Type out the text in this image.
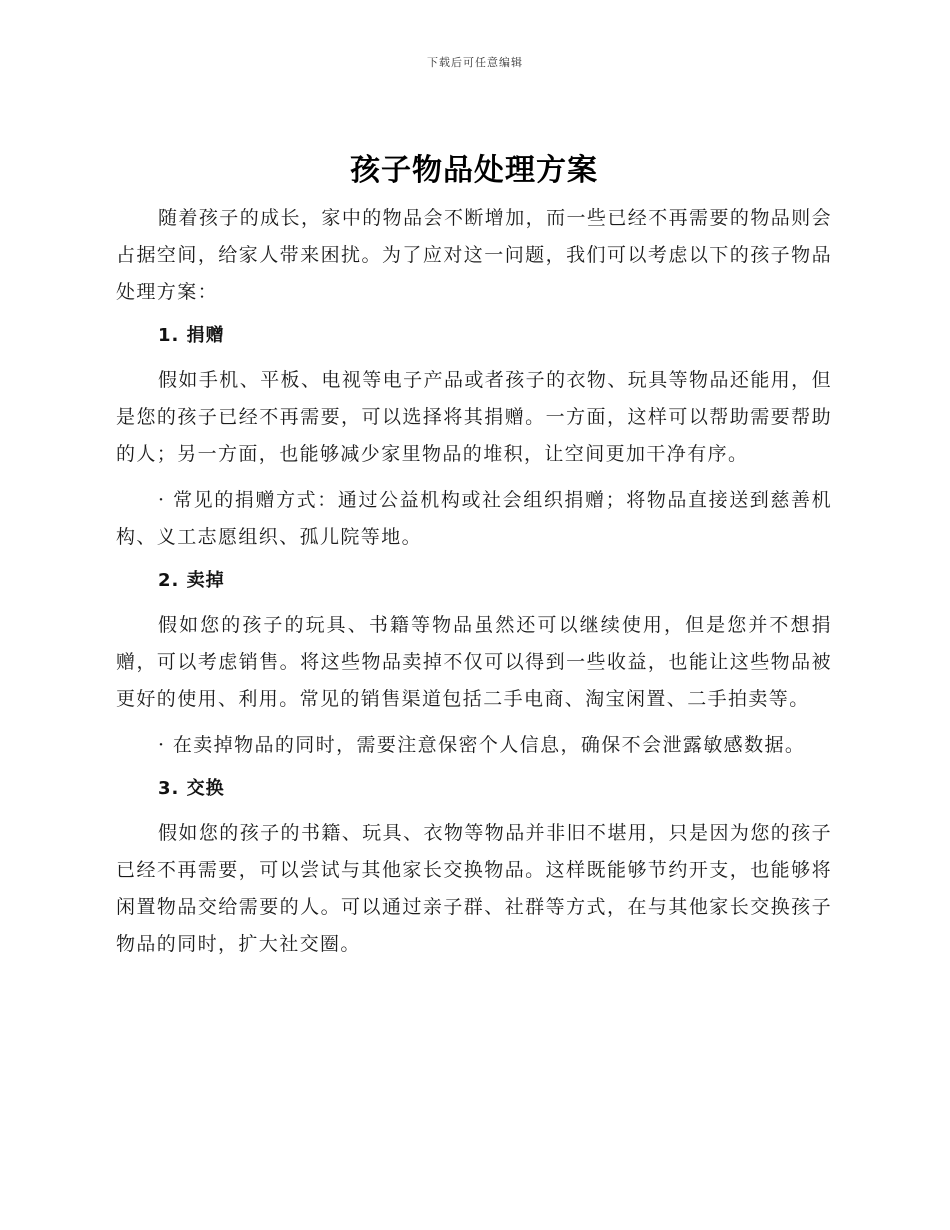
下载后可任意编辑
孩子物品处理方案

随着孩子的成长，家中的物品会不断增加，而一些已经不再需要的物品则会占据空间，给家人带来困扰。为了应对这一问题，我们可以考虑以下的孩子物品处理方案：

1. 捐赠

假如手机、平板、电视等电子产品或者孩子的衣物、玩具等物品还能用，但是您的孩子已经不再需要，可以选择将其捐赠。一方面，这样可以帮助需要帮助的人；另一方面，也能够减少家里物品的堆积，让空间更加干净有序。

· 常见的捐赠方式：通过公益机构或社会组织捐赠；将物品直接送到慈善机构、义工志愿组织、孤儿院等地。

2. 卖掉

假如您的孩子的玩具、书籍等物品虽然还可以继续使用，但是您并不想捐赠，可以考虑销售。将这些物品卖掉不仅可以得到一些收益，也能让这些物品被更好的使用、利用。常见的销售渠道包括二手电商、淘宝闲置、二手拍卖等。

· 在卖掉物品的同时，需要注意保密个人信息，确保不会泄露敏感数据。

3. 交换

假如您的孩子的书籍、玩具、衣物等物品并非旧不堪用，只是因为您的孩子已经不再需要，可以尝试与其他家长交换物品。这样既能够节约开支，也能够将闲置物品交给需要的人。可以通过亲子群、社群等方式，在与其他家长交换孩子物品的同时，扩大社交圈。
